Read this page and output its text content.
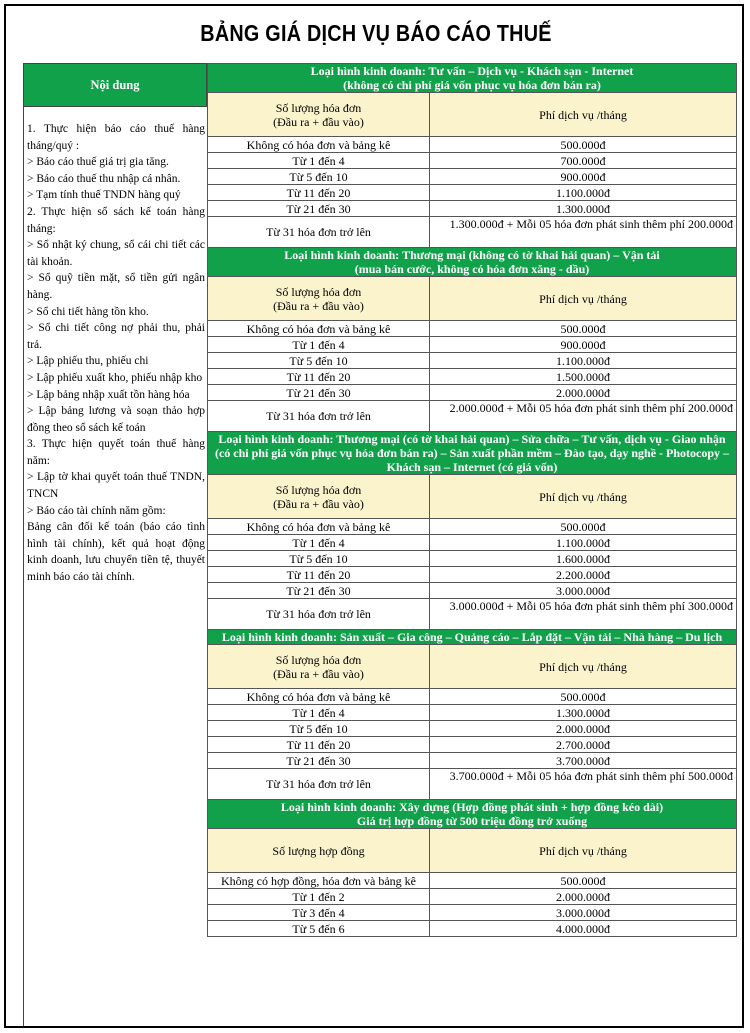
BẢNG GIÁ DỊCH VỤ BÁO CÁO THUẾ
Nội dung

1. Thực hiện báo cáo thuế hàng tháng/quý :

> Báo cáo thuế giá trị gia tăng.

> Báo cáo thuế thu nhập cá nhân.

> Tạm tính thuế TNDN hàng quý

2. Thực hiện sổ sách kế toán hàng tháng:

> Sổ nhật ký chung, sổ cái chi tiết các tài khoản.

> Sổ quỹ tiền mặt, sổ tiền gửi ngân hàng.

> Sổ chi tiết hàng tồn kho.

> Sổ chi tiết công nợ phải thu, phải trả.

> Lập phiếu thu, phiếu chi

> Lập phiếu xuất kho, phiếu nhập kho

> Lập bảng nhập xuất tồn hàng hóa

> Lập bảng lương và soạn thảo hợp đồng theo sổ sách kế toán

3. Thực hiện quyết toán thuế hàng năm:

> Lập tờ khai quyết toán thuế TNDN, TNCN

> Báo cáo tài chính năm gồm:

Bảng cân đối kế toán (báo cáo tình hình tài chính), kết quả hoạt động kinh doanh, lưu chuyển tiền tệ, thuyết minh báo cáo tài chính.

Loại hình kinh doanh: Tư vấn – Dịch vụ - Khách sạn - Internet
(không có chi phí giá vốn phục vụ hóa đơn bán ra)	

Số lượng hóa đơn
(Đầu ra + đầu vào)	Phí dịch vụ /tháng
Không có hóa đơn và bảng kê	500.000đ
Từ 1 đến 4	700.000đ
Từ 5 đến 10	900.000đ
Từ 11 đến 20	1.100.000đ
Từ 21 đến 30	1.300.000đ
Từ 31 hóa đơn trở lên	1.300.000đ + Mỗi 05 hóa đơn phát sinh thêm phí 200.000đ

Loại hình kinh doanh: Thương mại (không có tờ khai hải quan) – Vận tải
(mua bán cước, không có hóa đơn xăng - dầu)	

Số lượng hóa đơn
(Đầu ra + đầu vào)	Phí dịch vụ /tháng
Không có hóa đơn và bảng kê	500.000đ
Từ 1 đến 4	900.000đ
Từ 5 đến 10	1.100.000đ
Từ 11 đến 20	1.500.000đ
Từ 21 đến 30	2.000.000đ
Từ 31 hóa đơn trở lên	2.000.000đ + Mỗi 05 hóa đơn phát sinh thêm phí 200.000đ

Loại hình kinh doanh: Thương mại (có tờ khai hải quan) – Sửa chữa – Tư vấn, dịch vụ - Giao nhận (có chi phí giá vốn phục vụ hóa đơn bán ra) – Sản xuất phần mềm – Đào tạo, dạy nghề - Photocopy – Khách sạn – Internet (có giá vốn)	

Số lượng hóa đơn
(Đầu ra + đầu vào)	Phí dịch vụ /tháng
Không có hóa đơn và bảng kê	500.000đ
Từ 1 đến 4	1.100.000đ
Từ 5 đến 10	1.600.000đ
Từ 11 đến 20	2.200.000đ
Từ 21 đến 30	3.000.000đ
Từ 31 hóa đơn trở lên	3.000.000đ + Mỗi 05 hóa đơn phát sinh thêm phí 300.000đ

Loại hình kinh doanh: Sản xuất – Gia công – Quảng cáo – Lắp đặt – Vận tải – Nhà hàng – Du lịch	

Số lượng hóa đơn
(Đầu ra + đầu vào)	Phí dịch vụ /tháng
Không có hóa đơn và bảng kê	500.000đ
Từ 1 đến 4	1.300.000đ
Từ 5 đến 10	2.000.000đ
Từ 11 đến 20	2.700.000đ
Từ 21 đến 30	3.700.000đ
Từ 31 hóa đơn trở lên	3.700.000đ + Mỗi 05 hóa đơn phát sinh thêm phí 500.000đ

Loại hình kinh doanh: Xây dựng (Hợp đồng phát sinh + hợp đồng kéo dài)
Giá trị hợp đồng từ 500 triệu đồng trở xuống	

Số lượng hợp đồng	Phí dịch vụ /tháng
Không có hợp đồng, hóa đơn và bảng kê	500.000đ
Từ 1 đến 2	2.000.000đ
Từ 3 đến 4	3.000.000đ
Từ 5 đến 6	4.000.000đ
